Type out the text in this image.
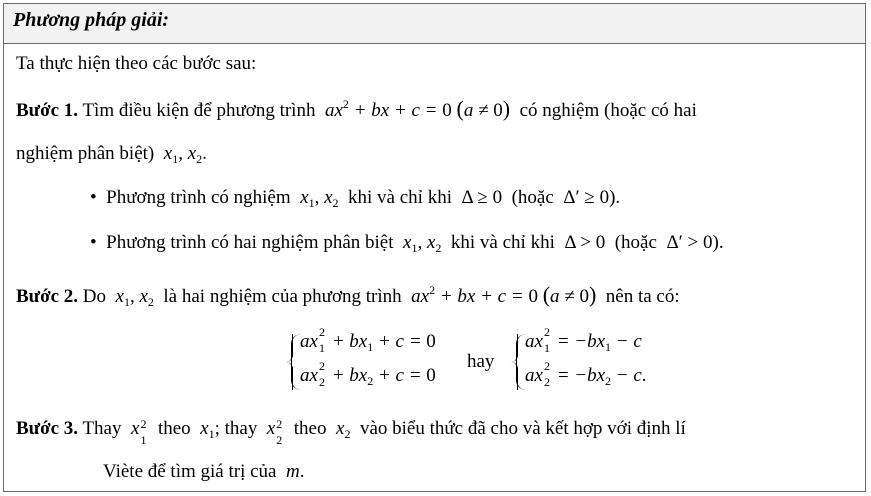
Phương pháp giải:
Ta thực hiện theo các bước sau:
Bước 1. Tìm điều kiện để phương trình  $ax^2$ + bx + c = 0 (a ≠ 0) có nghiệm (hoặc có hai
nghiệm phân biệt)  $x_1$, $x_2$.
•  Phương trình có nghiệm  $x_1$, $x_2$ khi và chỉ khi  Δ ≥ 0  (hoặc  Δ′ ≥ 0).
•  Phương trình có hai nghiệm phân biệt  $x_1$, $x_2$ khi và chỉ khi  Δ > 0  (hoặc  Δ′ > 0).
Bước 2. Do  $x_1$, $x_2$ là hai nghiệm của phương trình  $ax^2$ + bx + c = 0 (a ≠ 0) nên ta có:
ax 2
$1 + bx_1 + c = 0$
ax 2
$2 + bx_2 + c = 0$
hay
ax 2
$1 = -bx_1 - c$
ax 2
$2 = -bx_2 - c$.
Bước 3. Thay  x 2
1
theo  $x_1$; thay  x 2
2
theo  $x_2$ vào biểu thức đã cho và kết hợp với định lí
Viète để tìm giá trị của  m.
